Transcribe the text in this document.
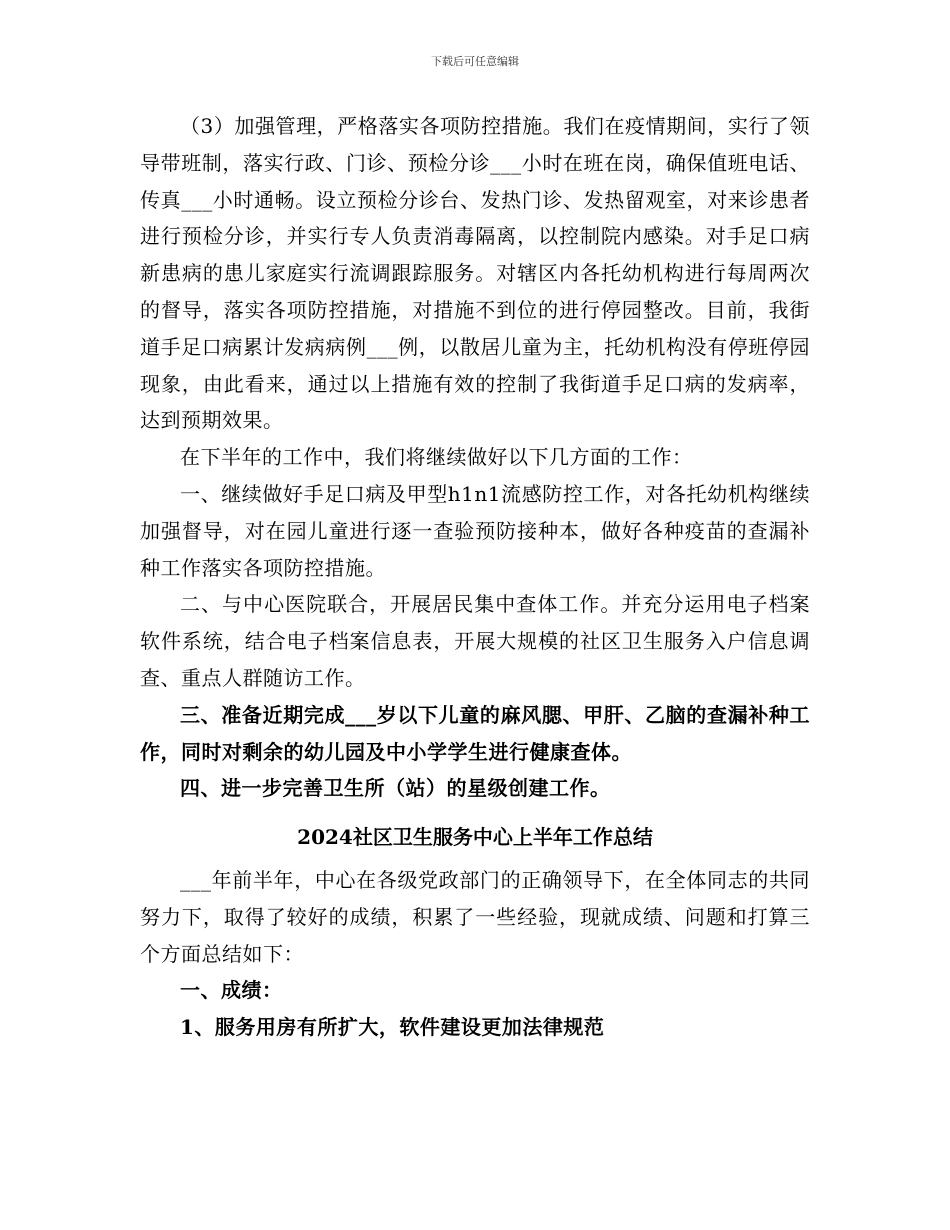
下载后可任意编辑

（3）加强管理，严格落实各项防控措施。我们在疫情期间，实行了领导带班制，落实行政、门诊、预检分诊___小时在班在岗，确保值班电话、传真___小时通畅。设立预检分诊台、发热门诊、发热留观室，对来诊患者进行预检分诊，并实行专人负责消毒隔离，以控制院内感染。对手足口病新患病的患儿家庭实行流调跟踪服务。对辖区内各托幼机构进行每周两次的督导，落实各项防控措施，对措施不到位的进行停园整改。目前，我街道手足口病累计发病病例___例，以散居儿童为主，托幼机构没有停班停园现象，由此看来，通过以上措施有效的控制了我街道手足口病的发病率，达到预期效果。

在下半年的工作中，我们将继续做好以下几方面的工作：

一、继续做好手足口病及甲型h1n1流感防控工作，对各托幼机构继续加强督导，对在园儿童进行逐一查验预防接种本，做好各种疫苗的查漏补种工作落实各项防控措施。

二、与中心医院联合，开展居民集中查体工作。并充分运用电子档案软件系统，结合电子档案信息表，开展大规模的社区卫生服务入户信息调查、重点人群随访工作。

三、准备近期完成___岁以下儿童的麻风腮、甲肝、乙脑的查漏补种工作，同时对剩余的幼儿园及中小学学生进行健康查体。

四、进一步完善卫生所（站）的星级创建工作。

2024社区卫生服务中心上半年工作总结

___年前半年，中心在各级党政部门的正确领导下，在全体同志的共同努力下，取得了较好的成绩，积累了一些经验，现就成绩、问题和打算三个方面总结如下：

一、成绩：

1、服务用房有所扩大，软件建设更加法律规范
